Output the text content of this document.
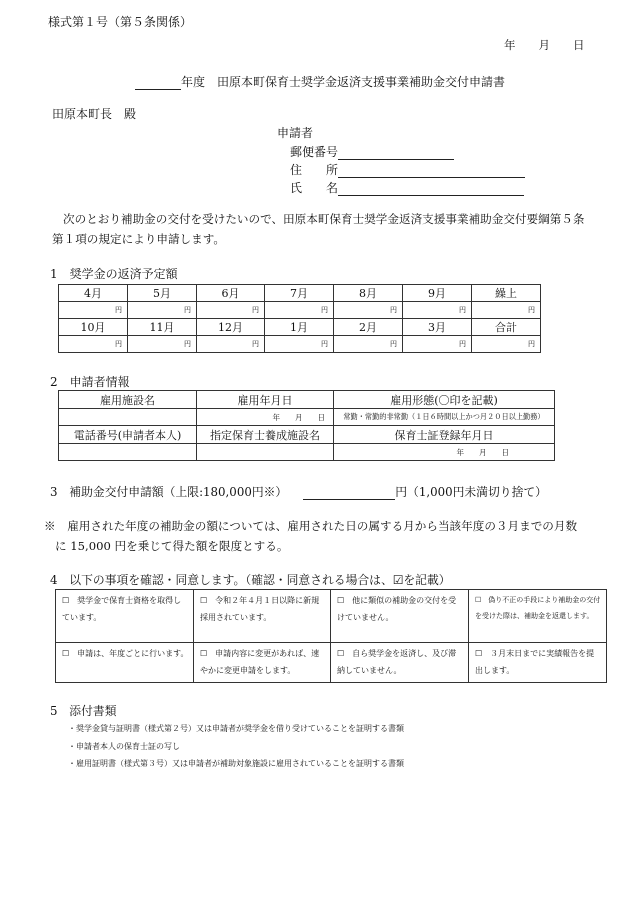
様式第１号（第５条関係）
年　　月　　日
年度　田原本町保育士奨学金返済支援事業補助金交付申請書
田原本町長　殿
申請者
郵便番号
住　　所
氏　　名
次のとおり補助金の交付を受けたいので、田原本町保育士奨学金返済支援事業補助金交付要綱第５条
第１項の規定により申請します。
1　奨学金の返済予定額
4月	5月	6月	7月	8月	9月	繰上
円	円	円	円	円	円	円
10月	11月	12月	1月	2月	3月	合計
円	円	円	円	円	円	円
2　申請者情報
雇用施設名	雇用年月日	雇用形態(〇印を記載)
	年　　月　　日	常勤・常勤的非常勤（１日６時間以上かつ月２０日以上勤務）
電話番号(申請者本人)	指定保育士養成施設名	保育士証登録年月日
		年　　月　　日
3　補助金交付申請額（上限:180,000円※）	円（1,000円未満切り捨て）
※　雇用された年度の補助金の額については、雇用された日の属する月から当該年度の３月までの月数
に 15,000 円を乗じて得た額を限度とする。
4　以下の事項を確認・同意します。（確認・同意される場合は、☑を記載）
☐　奨学金で保育士資格を取得しています。	☐　令和２年４月１日以降に新規採用されています。	☐　他に類似の補助金の交付を受けていません。	☐　偽り不正の手段により補助金の交付を受けた際は、補助金を返還します。
☐　申請は、年度ごとに行います。	☐　申請内容に変更があれば、速やかに変更申請をします。	☐　自ら奨学金を返済し、及び滞納していません。	☐　３月末日までに実績報告を提出します。
5　添付書類
・奨学金貸与証明書（様式第２号）又は申請者が奨学金を借り受けていることを証明する書類
・申請者本人の保育士証の写し
・雇用証明書（様式第３号）又は申請者が補助対象施設に雇用されていることを証明する書類
